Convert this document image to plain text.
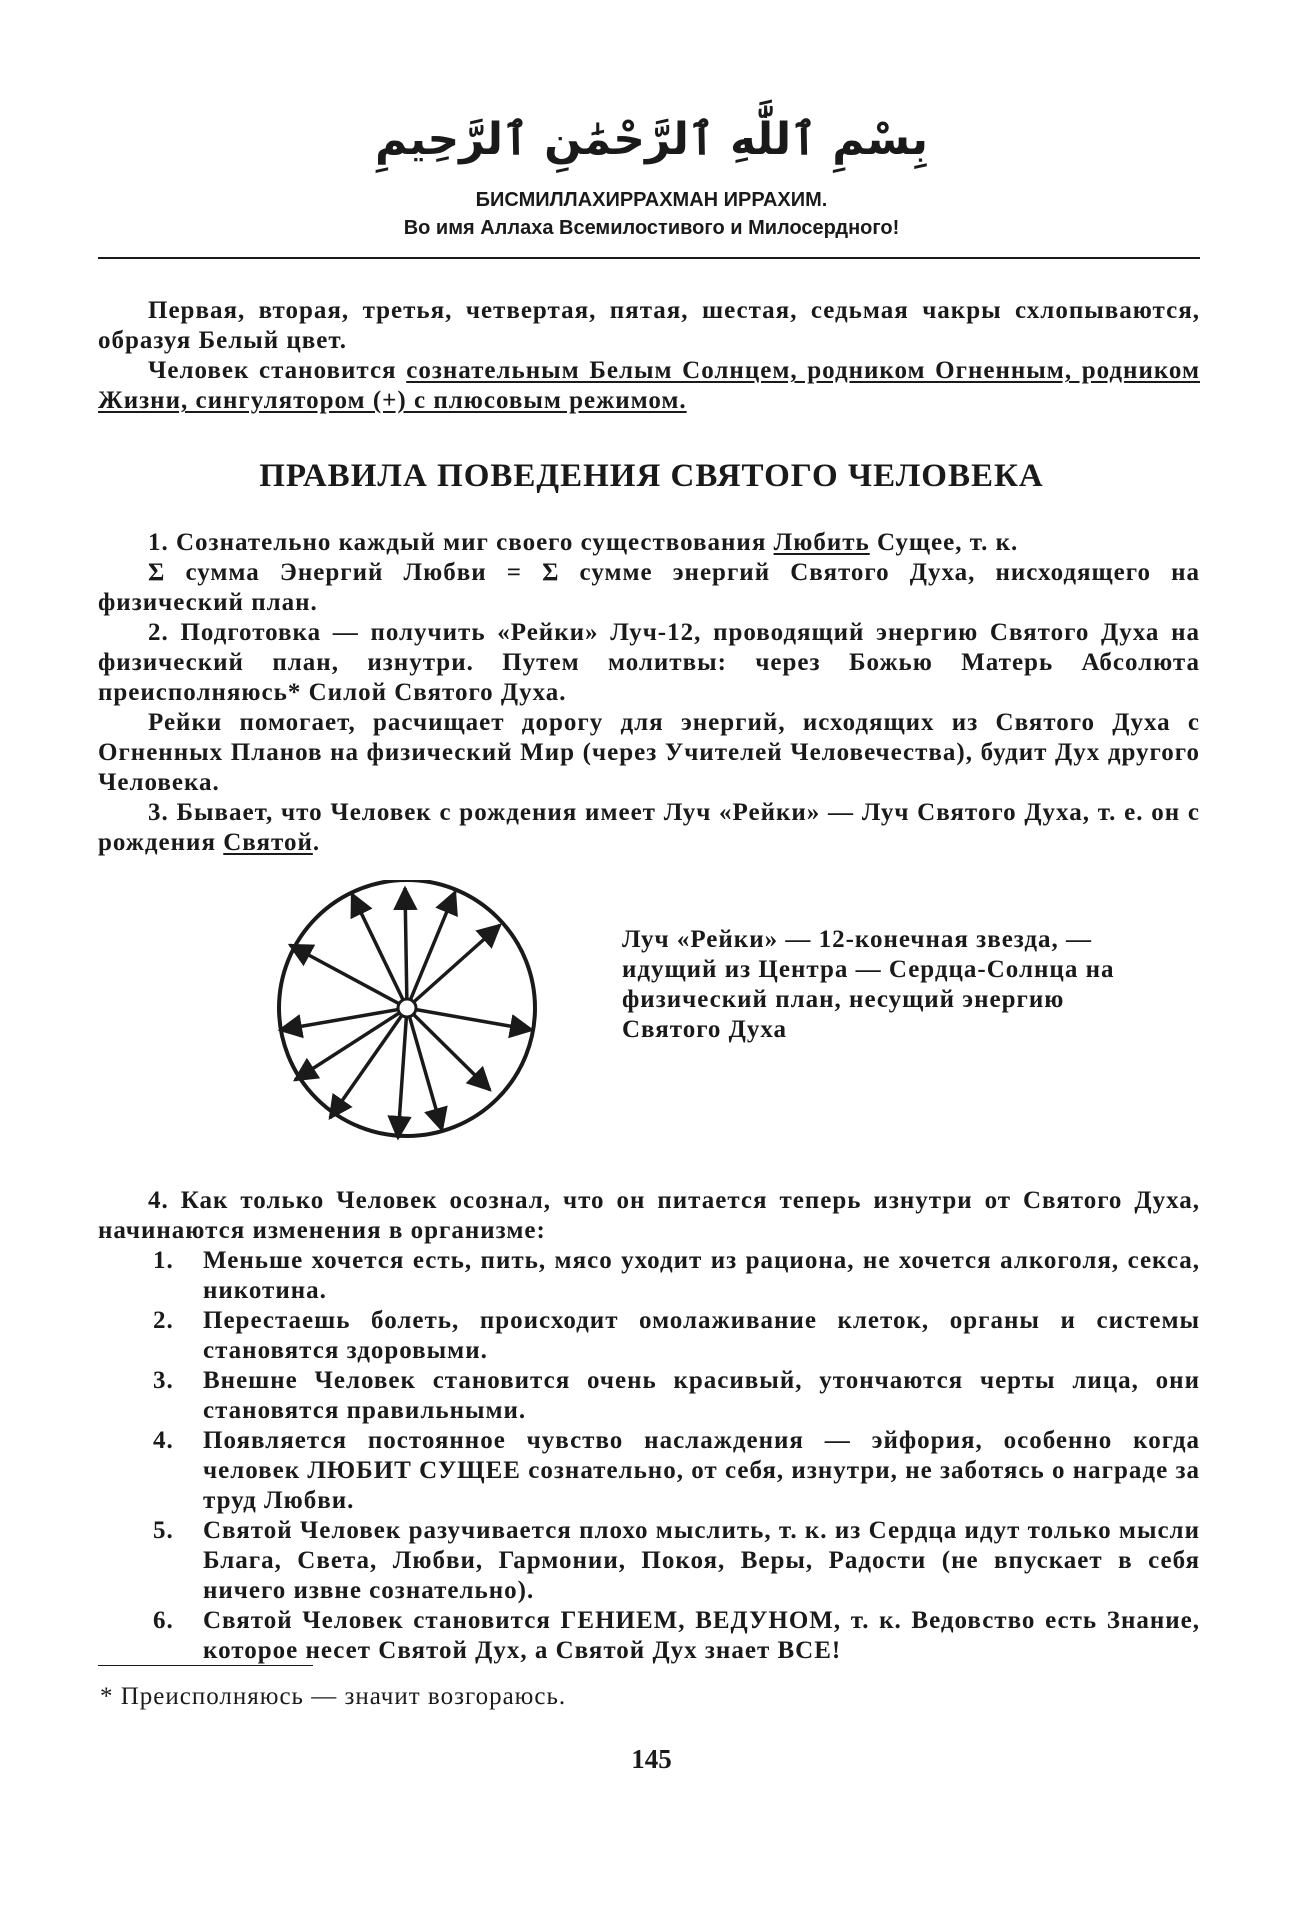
بِسْمِ ٱللَّٰهِ ٱلرَّحْمَٰنِ ٱلرَّحِيمِ
БИСМИЛЛАХИРРАХМАН ИРРАХИМ.
Во имя Аллаха Всемилостивого и Милосердного!

Первая, вторая, третья, четвертая, пятая, шестая, седьмая чакры схлопываются, образуя Белый цвет.

Человек становится сознательным Белым Солнцем, родником Огненным, родником Жизни, сингулятором (+) с плюсовым режимом.

ПРАВИЛА ПОВЕДЕНИЯ СВЯТОГО ЧЕЛОВЕКА

1. Сознательно каждый миг своего существования Любить Сущее, т. к.

Σ сумма Энергий Любви = Σ сумме энергий Святого Духа, нисходящего на физический план.

2. Подготовка — получить «Рейки» Луч-12, проводящий энергию Святого Духа на физический план, изнутри. Путем молитвы: через Божью Матерь Абсолюта преисполняюсь* Силой Святого Духа.

Рейки помогает, расчищает дорогу для энергий, исходящих из Святого Духа с Огненных Планов на физический Мир (через Учителей Человечества), будит Дух другого Человека.

3. Бывает, что Человек с рождения имеет Луч «Рейки» — Луч Святого Духа, т. е. он с рождения Святой.

Луч «Рейки» — 12-конечная звезда, — идущий из Центра — Сердца-Солнца на физический план, несущий энергию Святого Духа

4. Как только Человек осознал, что он питается теперь изнутри от Святого Духа, начинаются изменения в организме:

1. Меньше хочется есть, пить, мясо уходит из рациона, не хочется алкоголя, секса, никотина.
2. Перестаешь болеть, происходит омолаживание клеток, органы и системы становятся здоровыми.
3. Внешне Человек становится очень красивый, утончаются черты лица, они становятся правильными.
4. Появляется постоянное чувство наслаждения — эйфория, особенно когда человек ЛЮБИТ СУЩЕЕ сознательно, от себя, изнутри, не заботясь о награде за труд Любви.
5. Святой Человек разучивается плохо мыслить, т. к. из Сердца идут только мысли Блага, Света, Любви, Гармонии, Покоя, Веры, Радости (не впускает в себя ничего извне сознательно).
6. Святой Человек становится ГЕНИЕМ, ВЕДУНОМ, т. к. Ведовство есть Знание, которое несет Святой Дух, а Святой Дух знает ВСЕ!
* Преисполняюсь — значит возгораюсь.
145
